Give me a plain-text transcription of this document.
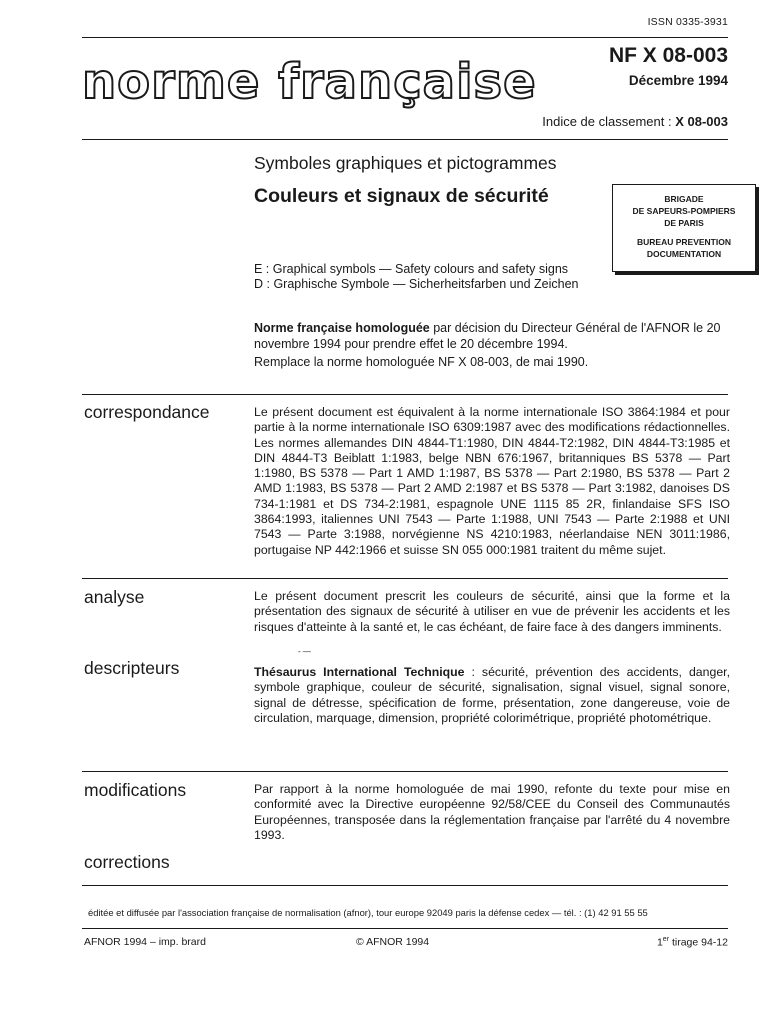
ISSN 0335-3931
norme française	NF X 08-003
Décembre 1994
Indice de classement : X 08-003
Symboles graphiques et pictogrammes
Couleurs et signaux de sécurité
E : Graphical symbols — Safety colours and safety signs
D : Graphische Symbole — Sicherheitsfarben und Zeichen
BRIGADE
DE SAPEURS-POMPIERS
DE PARIS
BUREAU PREVENTION
DOCUMENTATION

Norme française homologuée par décision du Directeur Général de l'AFNOR le 20 novembre 1994 pour prendre effet le 20 décembre 1994.

Remplace la norme homologuée NF X 08-003, de mai 1990.

correspondance	Le présent document est équivalent à la norme internationale ISO 3864:1984 et pour partie à la norme internationale ISO 6309:1987 avec des modifications rédactionnelles. Les normes allemandes DIN 4844-T1:1980, DIN 4844-T2:1982, DIN 4844-T3:1985 et DIN 4844-T3 Beiblatt 1:1983, belge NBN 676:1967, britanniques BS 5378 — Part 1:1980, BS 5378 — Part 1 AMD 1:1987, BS 5378 — Part 2:1980, BS 5378 — Part 2 AMD 1:1983, BS 5378 — Part 2 AMD 2:1987 et BS 5378 — Part 3:1982, danoises DS 734-1:1981 et DS 734-2:1981, espagnole UNE 1115 85 2R, finlandaise SFS ISO 3864:1993, italiennes UNI 7543 — Parte 1:1988, UNI 7543 — Parte 2:1988 et UNI 7543 — Parte 3:1988, norvégienne NS 4210:1983, néerlandaise NEN 3011:1986, portugaise NP 442:1966 et suisse SN 055 000:1981 traitent du même sujet.
analyse	Le présent document prescrit les couleurs de sécurité, ainsi que la forme et la présentation des signaux de sécurité à utiliser en vue de prévenir les accidents et les risques d'atteinte à la santé et, le cas échéant, de faire face à des dangers imminents.
- —
descripteurs	Thésaurus International Technique : sécurité, prévention des accidents, danger, symbole graphique, couleur de sécurité, signalisation, signal visuel, signal sonore, signal de détresse, spécification de forme, présentation, zone dangereuse, voie de circulation, marquage, dimension, propriété colorimétrique, propriété photométrique.
modifications	Par rapport à la norme homologuée de mai 1990, refonte du texte pour mise en conformité avec la Directive européenne 92/58/CEE du Conseil des Communautés Européennes, transposée dans la réglementation française par l'arrêté du 4 novembre 1993.
corrections
éditée et diffusée par l'association française de normalisation (afnor), tour europe 92049 paris la défense cedex — tél. : (1) 42 91 55 55
AFNOR 1994 – imp. brard	© AFNOR 1994	1er tirage 94-12
